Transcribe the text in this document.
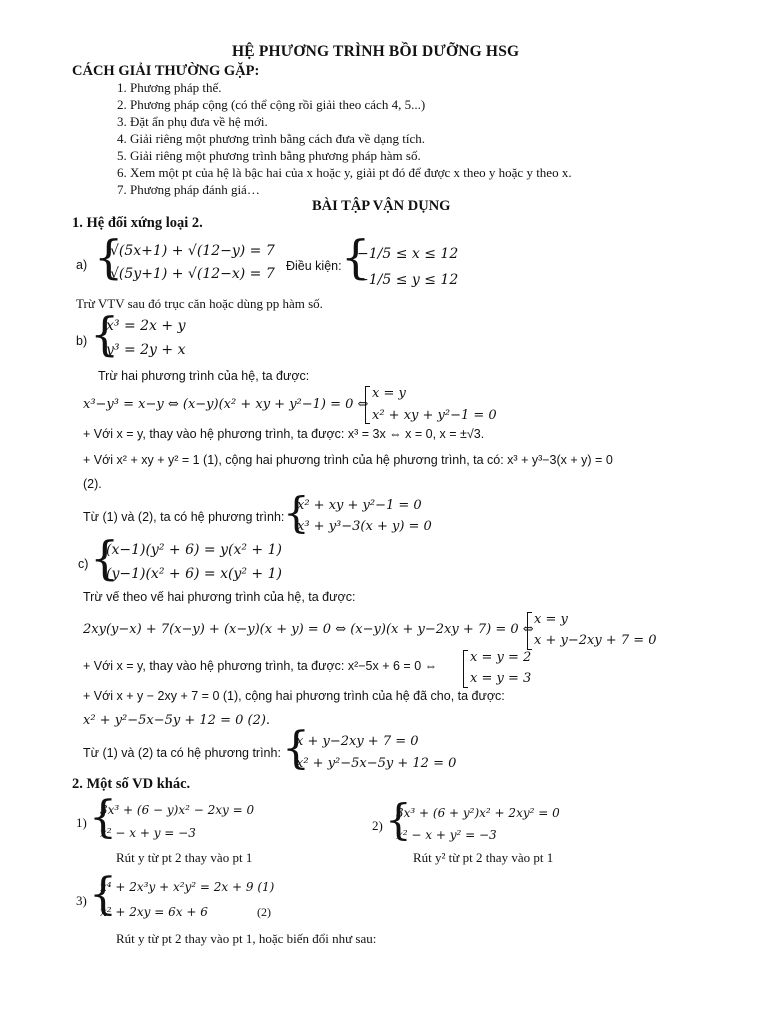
HỆ PHƯƠNG TRÌNH BỒI DƯỠNG HSG
CÁCH GIẢI THƯỜNG GẶP:
1. Phương pháp thế.
2. Phương pháp cộng (có thể cộng rồi giải theo cách 4, 5...)
3. Đặt ẩn phụ đưa về hệ mới.
4. Giải riêng một phương trình bằng cách đưa về dạng tích.
5. Giải riêng một phương trình bằng phương pháp hàm số.
6. Xem một pt của hệ là bậc hai của x hoặc y, giải pt đó để được x theo y hoặc y theo x.
7. Phương pháp đánh giá…
BÀI TẬP VẬN DỤNG
1. Hệ đối xứng loại 2.
a) {
√(5x+1) + √(12−y) = 7
√(5y+1) + √(12−x) = 7 Điều kiện: {
−1/5 ≤ x ≤ 12
−1/5 ≤ y ≤ 12
Trừ VTV sau đó trục căn hoặc dùng pp hàm số.
b) {
x³ = 2x + y
y³ = 2y + x
Trừ hai phương trình của hệ, ta được:
x³−y³ = x−y ⇔ (x−y)(x² + xy + y²−1) = 0 ⇔
x = y
x² + xy + y²−1 = 0
+ Với x = y, thay vào hệ phương trình, ta được: x³ = 3x ⇔ x = 0, x = ±√3.
+ Với x² + xy + y² = 1 (1), cộng hai phương trình của hệ phương trình, ta có: x³ + y³−3(x + y) = 0
(2).
Từ (1) và (2), ta có hệ phương trình:
{
x² + xy + y²−1 = 0
x³ + y³−3(x + y) = 0
c) {
(x−1)(y² + 6) = y(x² + 1)
(y−1)(x² + 6) = x(y² + 1)
Trừ vế theo vế hai phương trình của hệ, ta được:
2xy(y−x) + 7(x−y) + (x−y)(x + y) = 0 ⇔ (x−y)(x + y−2xy + 7) = 0 ⇔
x = y
x + y−2xy + 7 = 0
+ Với x = y, thay vào hệ phương trình, ta được: x²−5x + 6 = 0 ⇔
x = y = 2
x = y = 3
+ Với x + y − 2xy + 7 = 0 (1), cộng hai phương trình của hệ đã cho, ta được:
x² + y²−5x−5y + 12 = 0 (2).
Từ (1) và (2) ta có hệ phương trình: {
x + y−2xy + 7 = 0
x² + y²−5x−5y + 12 = 0
2. Một số VD khác.
1) {
3x³ + (6 − y)x² − 2xy = 0
x² − x + y = −3
Rút y từ pt 2 thay vào pt 1
2) {
3x³ + (6 + y²)x² + 2xy² = 0
x² − x + y² = −3
Rút y² từ pt 2 thay vào pt 1
3) {
x⁴ + 2x³y + x²y² = 2x + 9 (1)
x² + 2xy = 6x + 6	(2)
Rút y từ pt 2 thay vào pt 1, hoặc biến đổi như sau:
